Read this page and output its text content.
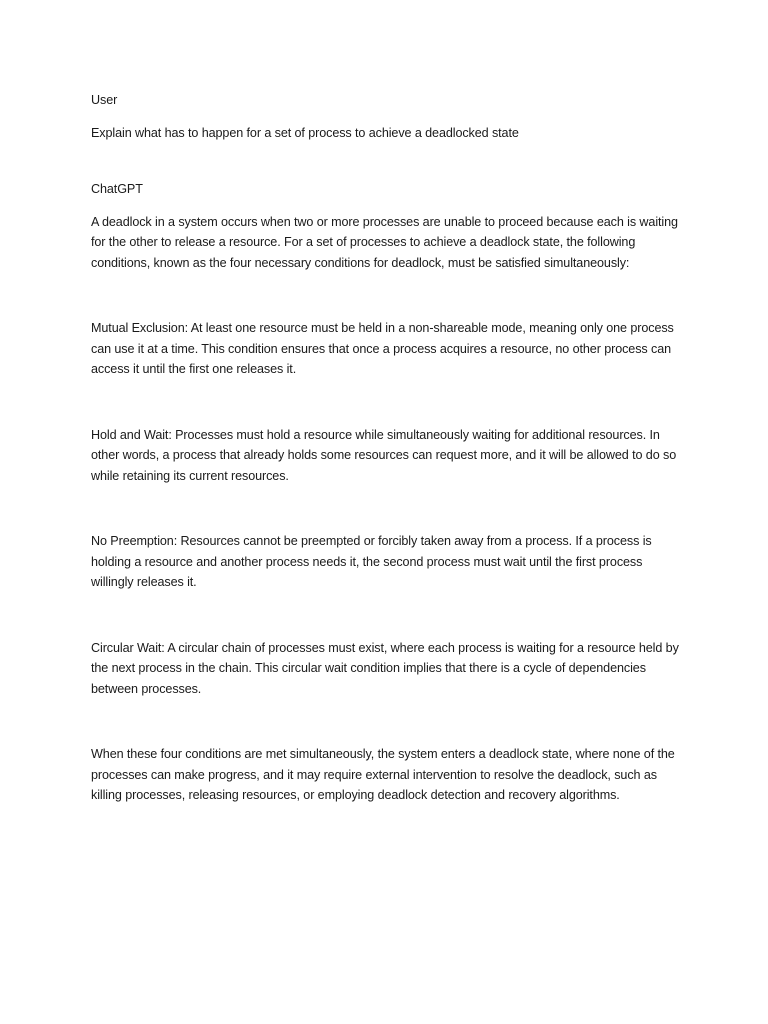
User

Explain what has to happen for a set of process to achieve a deadlocked state

ChatGPT

A deadlock in a system occurs when two or more processes are unable to proceed because each is waiting for the other to release a resource. For a set of processes to achieve a deadlock state, the following conditions, known as the four necessary conditions for deadlock, must be satisfied simultaneously:

Mutual Exclusion: At least one resource must be held in a non-shareable mode, meaning only one process can use it at a time. This condition ensures that once a process acquires a resource, no other process can access it until the first one releases it.

Hold and Wait: Processes must hold a resource while simultaneously waiting for additional resources. In other words, a process that already holds some resources can request more, and it will be allowed to do so while retaining its current resources.

No Preemption: Resources cannot be preempted or forcibly taken away from a process. If a process is holding a resource and another process needs it, the second process must wait until the first process willingly releases it.

Circular Wait: A circular chain of processes must exist, where each process is waiting for a resource held by the next process in the chain. This circular wait condition implies that there is a cycle of dependencies between processes.

When these four conditions are met simultaneously, the system enters a deadlock state, where none of the processes can make progress, and it may require external intervention to resolve the deadlock, such as killing processes, releasing resources, or employing deadlock detection and recovery algorithms.
